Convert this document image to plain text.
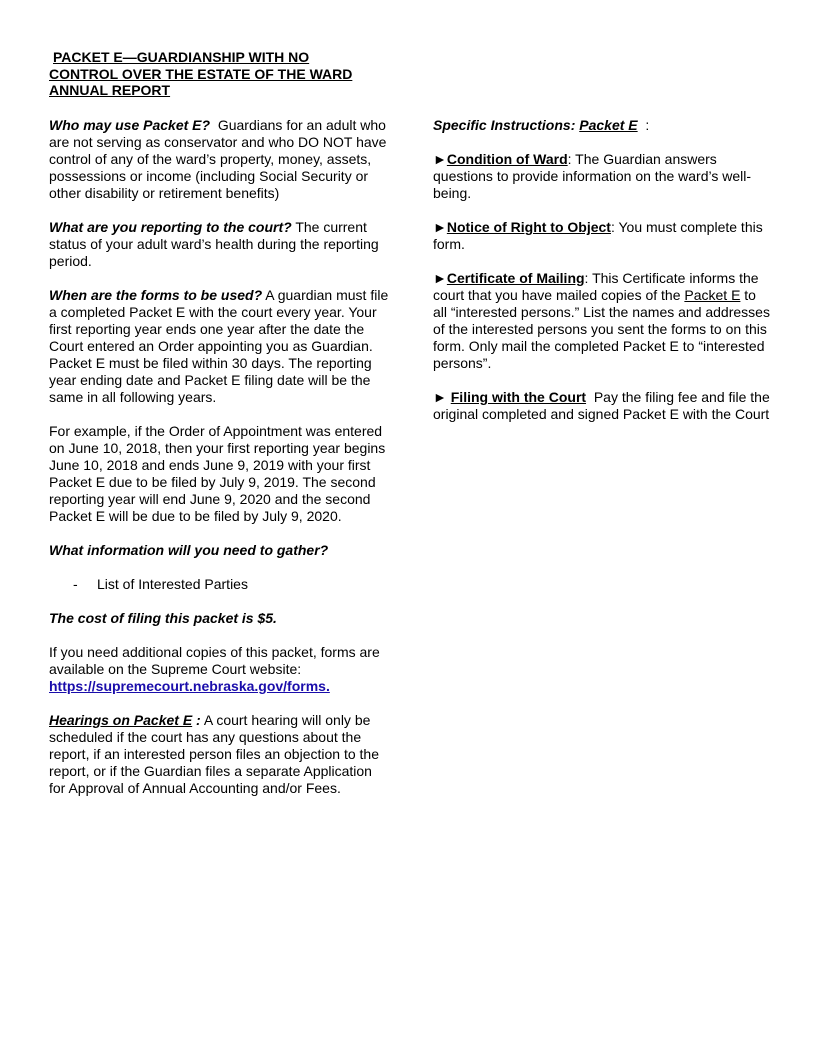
PACKET E—GUARDIANSHIP WITH NO
CONTROL OVER THE ESTATE OF THE WARD
ANNUAL REPORT

Who may use Packet E? Guardians for an adult who are not serving as conservator and who DO NOT have control of any of the ward’s property, money, assets, possessions or income (including Social Security or other disability or retirement benefits)

What are you reporting to the court? The current status of your adult ward’s health during the reporting period.

When are the forms to be used? A guardian must file a completed Packet E with the court every year. Your first reporting year ends one year after the date the Court entered an Order appointing you as Guardian. Packet E must be filed within 30 days. The reporting year ending date and Packet E filing date will be the same in all following years.

For example, if the Order of Appointment was entered on June 10, 2018, then your first reporting year begins June 10, 2018 and ends June 9, 2019 with your first Packet E due to be filed by July 9, 2019. The second reporting year will end June 9, 2020 and the second Packet E will be due to be filed by July 9, 2020.

What information will you need to gather?

-	List of Interested Parties

The cost of filing this packet is $5.

If you need additional copies of this packet, forms are available on the Supreme Court website:
https://supremecourt.nebraska.gov/forms.

Hearings on Packet E : A court hearing will only be scheduled if the court has any questions about the report, if an interested person files an objection to the report, or if the Guardian files a separate Application for Approval of Annual Accounting and/or Fees.

Specific Instructions: Packet E  :

►Condition of Ward: The Guardian answers questions to provide information on the ward’s well-being.

►Notice of Right to Object: You must complete this form.

►Certificate of Mailing: This Certificate informs the court that you have mailed copies of the Packet E to all “interested persons.” List the names and addresses of the interested persons you sent the forms to on this form. Only mail the completed Packet E to “interested persons”.

► Filing with the Court Pay the filing fee and file the original completed and signed Packet E with the Court
